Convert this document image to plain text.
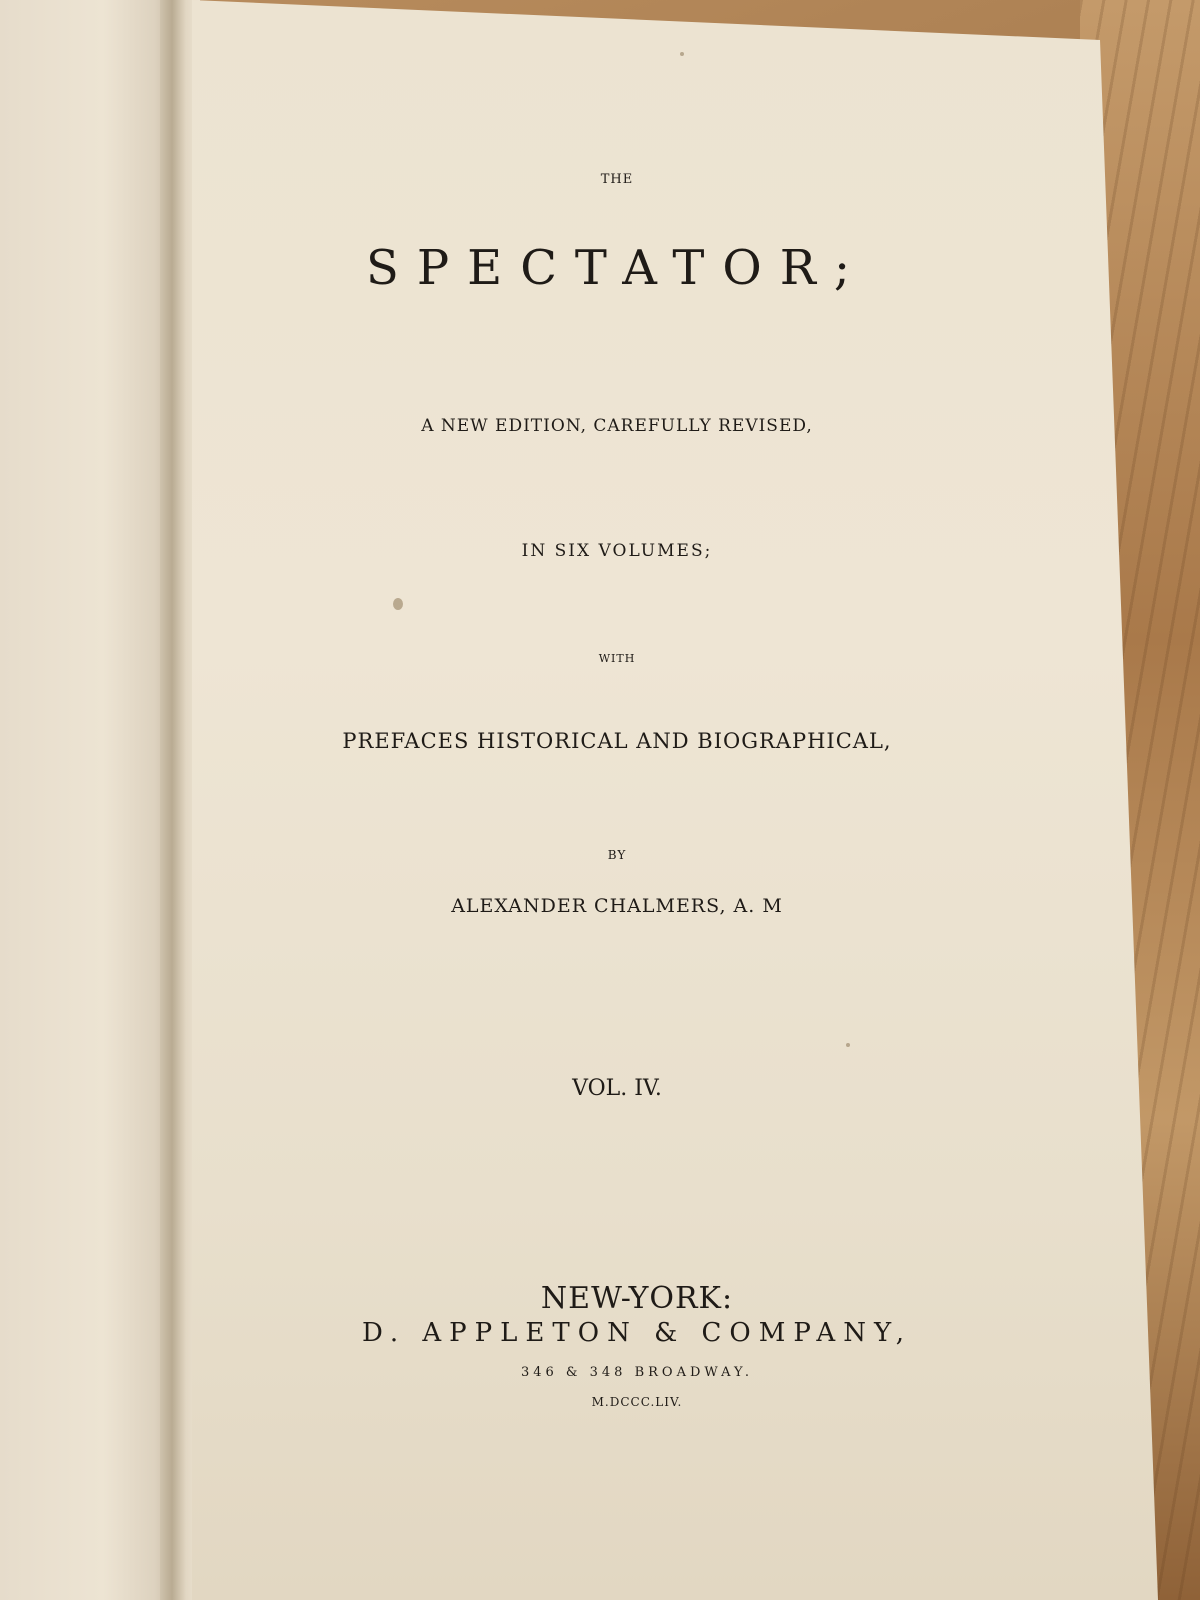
THE
SPECTATOR;
A NEW EDITION, CAREFULLY REVISED,
IN SIX VOLUMES;
WITH
PREFACES HISTORICAL AND BIOGRAPHICAL,
BY
ALEXANDER CHALMERS, A. M
VOL. IV.
NEW-YORK:
D. APPLETON & COMPANY,
346 & 348 BROADWAY.
M.DCCC.LIV.
